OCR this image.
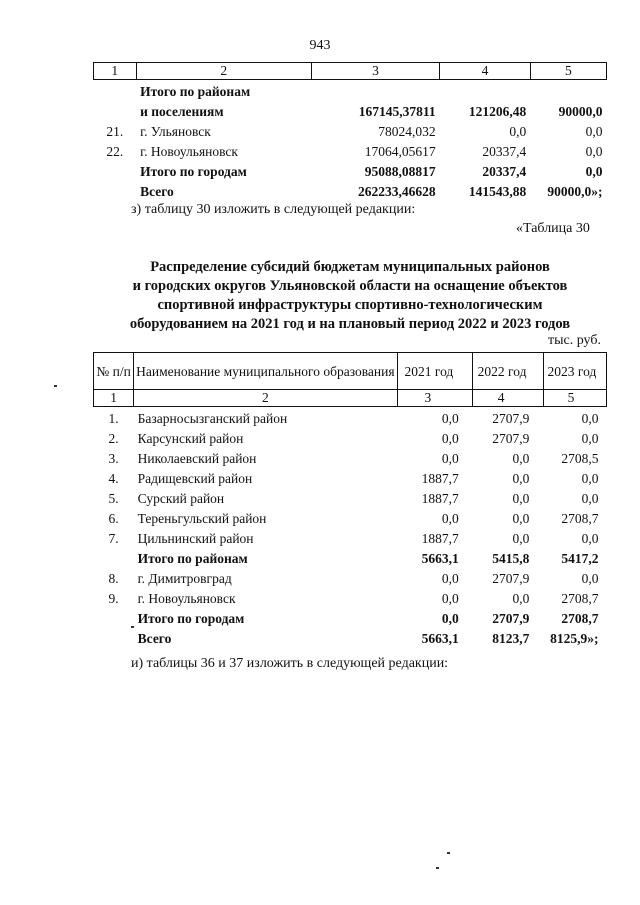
943
1	2	3	4	5
	Итого по районам			
	и поселениям	167145,37811	121206,48	90000,0
21.	г. Ульяновск	78024,032	0,0	0,0
22.	г. Новоульяновск	17064,05617	20337,4	0,0
	Итого по городам	95088,08817	20337,4	0,0
	Всего	262233,46628	141543,88	90000,0»;
з) таблицу 30 изложить в следующей редакции:
«Таблица 30
Распределение субсидий бюджетам муниципальных районов
и городских округов Ульяновской области на оснащение объектов
спортивной инфраструктуры спортивно-технологическим
оборудованием на 2021 год и на плановый период 2022 и 2023 годов
тыс. руб.
№ п/п	Наименование муниципального образования	2021 год	2022 год	2023 год
1	2	3	4	5
1.	Базарносызганский район	0,0	2707,9	0,0
2.	Карсунский район	0,0	2707,9	0,0
3.	Николаевский район	0,0	0,0	2708,5
4.	Радищевский район	1887,7	0,0	0,0
5.	Сурский район	1887,7	0,0	0,0
6.	Тереньгульский район	0,0	0,0	2708,7
7.	Цильнинский район	1887,7	0,0	0,0
	Итого по районам	5663,1	5415,8	5417,2
8.	г. Димитровград	0,0	2707,9	0,0
9.	г. Новоульяновск	0,0	0,0	2708,7
	Итого по городам	0,0	2707,9	2708,7
	Всего	5663,1	8123,7	8125,9»;
и) таблицы 36 и 37 изложить в следующей редакции:
